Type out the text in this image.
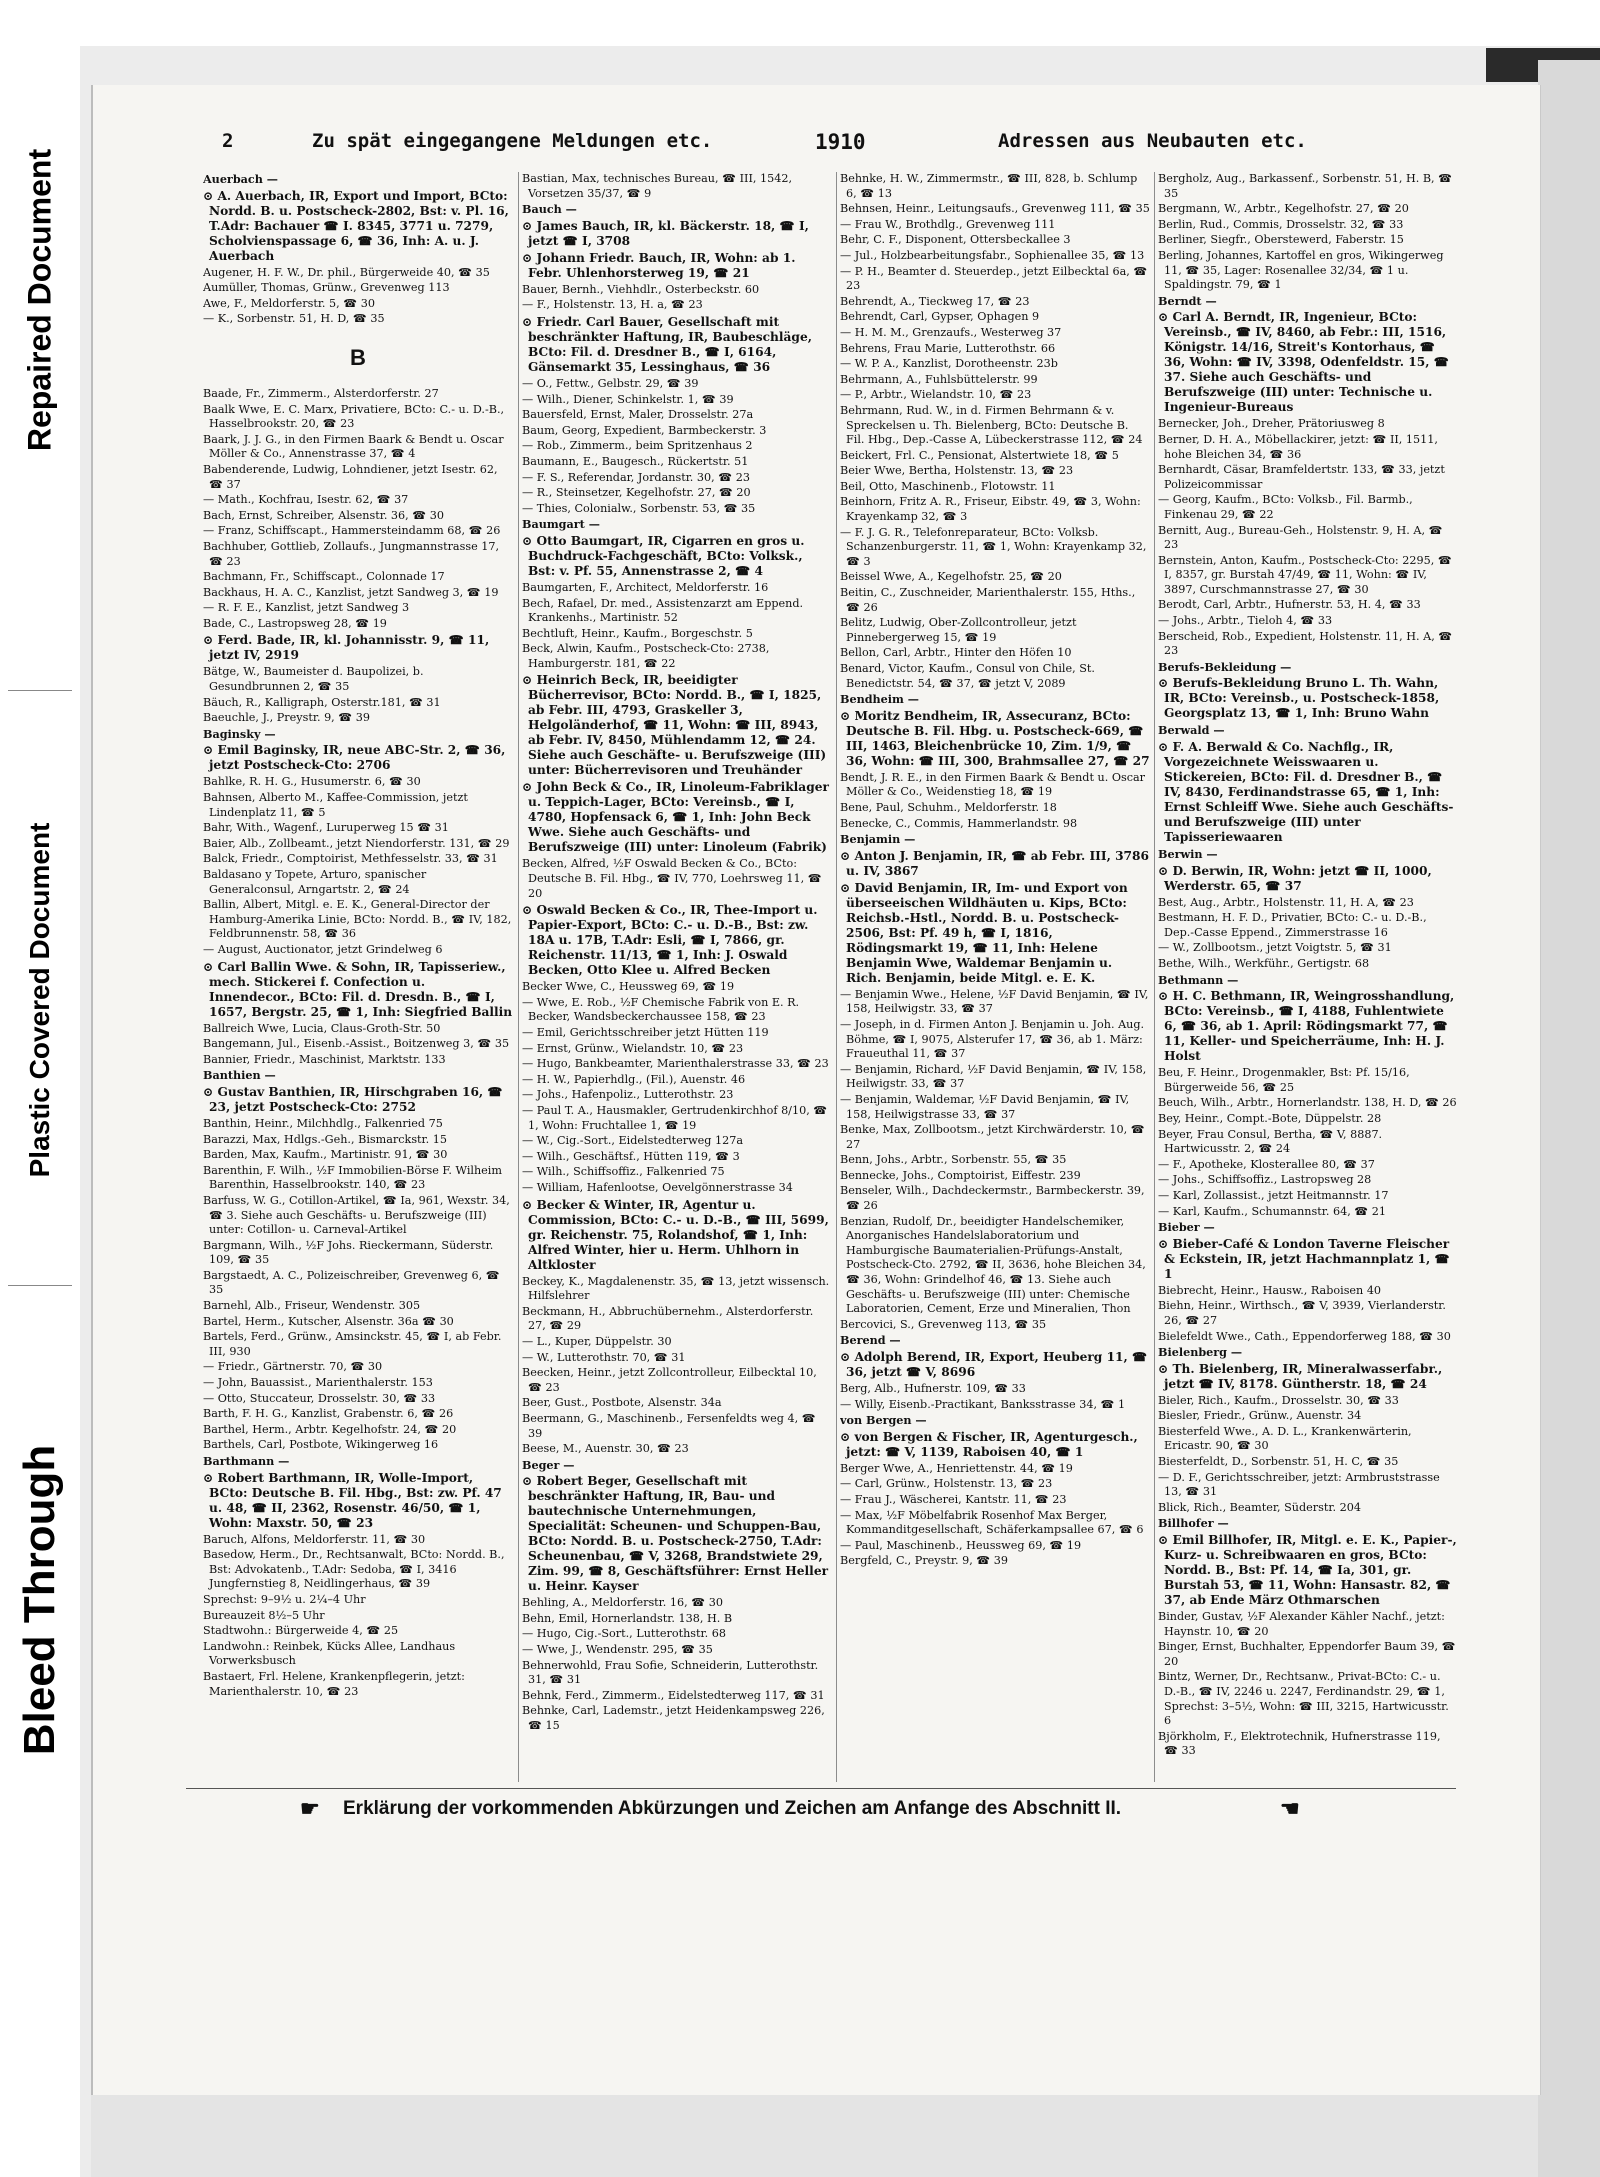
Repaired Document
Plastic Covered Document
Bleed Through
2	Zu spät eingegangene Meldungen etc.	1910	Adressen aus Neubauten etc.
Auerbach —
⊙ A. Auerbach, IR, Export und Import, BCto: Nordd. B. u. Postscheck-2802, Bst: v. Pl. 16, T.Adr: Bachauer ☎ I. 8345, 3771 u. 7279, Scholvienspassage 6, ☎ 36, Inh: A. u. J. Auerbach
Augener, H. F. W., Dr. phil., Bürgerweide 40, ☎ 35
Aumüller, Thomas, Grünw., Grevenweg 113
Awe, F., Meldorferstr. 5, ☎ 30
— K., Sorbenstr. 51, H. D, ☎ 35
B
Baade, Fr., Zimmerm., Alsterdorferstr. 27
Baalk Wwe, E. C. Marx, Privatiere, BCto: C.- u. D.-B., Hasselbrookstr. 20, ☎ 23
Baark, J. J. G., in den Firmen Baark & Bendt u. Oscar Möller & Co., Annenstrasse 37, ☎ 4
Babenderende, Ludwig, Lohndiener, jetzt Isestr. 62, ☎ 37
— Math., Kochfrau, Isestr. 62, ☎ 37
Bach, Ernst, Schreiber, Alsenstr. 36, ☎ 30
— Franz, Schiffscapt., Hammersteindamm 68, ☎ 26
Bachhuber, Gottlieb, Zollaufs., Jungmannstrasse 17, ☎ 23
Bachmann, Fr., Schiffscapt., Colonnade 17
Backhaus, H. A. C., Kanzlist, jetzt Sandweg 3, ☎ 19
— R. F. E., Kanzlist, jetzt Sandweg 3
Bade, C., Lastropsweg 28, ☎ 19
⊙ Ferd. Bade, IR, kl. Johannisstr. 9, ☎ 11, jetzt IV, 2919
Bätge, W., Baumeister d. Baupolizei, b. Gesundbrunnen 2, ☎ 35
Bäuch, R., Kalligraph, Osterstr.181, ☎ 31
Baeuchle, J., Preystr. 9, ☎ 39
Baginsky —
⊙ Emil Baginsky, IR, neue ABC-Str. 2, ☎ 36, jetzt Postscheck-Cto: 2706
Bahlke, R. H. G., Husumerstr. 6, ☎ 30
Bahnsen, Alberto M., Kaffee-Commission, jetzt Lindenplatz 11, ☎ 5
Bahr, With., Wagenf., Luruperweg 15 ☎ 31
Baier, Alb., Zollbeamt., jetzt Niendorferstr. 131, ☎ 29
Balck, Friedr., Comptoirist, Methfesselstr. 33, ☎ 31
Baldasano y Topete, Arturo, spanischer Generalconsul, Arngartstr. 2, ☎ 24
Ballin, Albert, Mitgl. e. E. K., General-Director der Hamburg-Amerika Linie, BCto: Nordd. B., ☎ IV, 182, Feldbrunnenstr. 58, ☎ 36
— August, Auctionator, jetzt Grindelweg 6
⊙ Carl Ballin Wwe. & Sohn, IR, Tapisseriew., mech. Stickerei f. Confection u. Innendecor., BCto: Fil. d. Dresdn. B., ☎ I, 1657, Bergstr. 25, ☎ 1, Inh: Siegfried Ballin
Ballreich Wwe, Lucia, Claus-Groth-Str. 50
Bangemann, Jul., Eisenb.-Assist., Boitzenweg 3, ☎ 35
Bannier, Friedr., Maschinist, Marktstr. 133
Banthien —
⊙ Gustav Banthien, IR, Hirschgraben 16, ☎ 23, jetzt Postscheck-Cto: 2752
Banthin, Heinr., Milchhdlg., Falkenried 75
Barazzi, Max, Hdlgs.-Geh., Bismarckstr. 15
Barden, Max, Kaufm., Martinistr. 91, ☎ 30
Barenthin, F. Wilh., ½F Immobilien-Börse F. Wilheim Barenthin, Hasselbrookstr. 140, ☎ 23
Barfuss, W. G., Cotillon-Artikel, ☎ Ia, 961, Wexstr. 34, ☎ 3. Siehe auch Geschäfts- u. Berufszweige (III) unter: Cotillon- u. Carneval-Artikel
Bargmann, Wilh., ½F Johs. Rieckermann, Süderstr. 109, ☎ 35
Bargstaedt, A. C., Polizeischreiber, Grevenweg 6, ☎ 35
Barnehl, Alb., Friseur, Wendenstr. 305
Bartel, Herm., Kutscher, Alsenstr. 36a ☎ 30
Bartels, Ferd., Grünw., Amsinckstr. 45, ☎ I, ab Febr. III, 930
— Friedr., Gärtnerstr. 70, ☎ 30
— John, Bauassist., Marienthalerstr. 153
— Otto, Stuccateur, Drosselstr. 30, ☎ 33
Barth, F. H. G., Kanzlist, Grabenstr. 6, ☎ 26
Barthel, Herm., Arbtr. Kegelhofstr. 24, ☎ 20
Barthels, Carl, Postbote, Wikingerweg 16
Barthmann —
⊙ Robert Barthmann, IR, Wolle-Import, BCto: Deutsche B. Fil. Hbg., Bst: zw. Pf. 47 u. 48, ☎ II, 2362, Rosenstr. 46/50, ☎ 1, Wohn: Maxstr. 50, ☎ 23
Baruch, Alfons, Meldorferstr. 11, ☎ 30
Basedow, Herm., Dr., Rechtsanwalt, BCto: Nordd. B., Bst: Advokatenb., T.Adr: Sedoba, ☎ I, 3416 Jungfernstieg 8, Neidlingerhaus, ☎ 39
Sprechst: 9–9½ u. 2¼–4 Uhr
Bureauzeit 8½–5 Uhr
Stadtwohn.: Bürgerweide 4, ☎ 25
Landwohn.: Reinbek, Kücks Allee, Landhaus Vorwerksbusch
Bastaert, Frl. Helene, Krankenpflegerin, jetzt: Marienthalerstr. 10, ☎ 23
Bastian, Max, technisches Bureau, ☎ III, 1542, Vorsetzen 35/37, ☎ 9
Bauch —
⊙ James Bauch, IR, kl. Bäckerstr. 18, ☎ I, jetzt ☎ I, 3708
⊙ Johann Friedr. Bauch, IR, Wohn: ab 1. Febr. Uhlenhorsterweg 19, ☎ 21
Bauer, Bernh., Viehhdlr., Osterbeckstr. 60
— F., Holstenstr. 13, H. a, ☎ 23
⊙ Friedr. Carl Bauer, Gesellschaft mit beschränkter Haftung, IR, Baubeschläge, BCto: Fil. d. Dresdner B., ☎ I, 6164, Gänsemarkt 35, Lessinghaus, ☎ 36
— O., Fettw., Gelbstr. 29, ☎ 39
— Wilh., Diener, Schinkelstr. 1, ☎ 39
Bauersfeld, Ernst, Maler, Drosselstr. 27a
Baum, Georg, Expedient, Barmbeckerstr. 3
— Rob., Zimmerm., beim Spritzenhaus 2
Baumann, E., Baugesch., Rückertstr. 51
— F. S., Referendar, Jordanstr. 30, ☎ 23
— R., Steinsetzer, Kegelhofstr. 27, ☎ 20
— Thies, Colonialw., Sorbenstr. 53, ☎ 35
Baumgart —
⊙ Otto Baumgart, IR, Cigarren en gros u. Buchdruck-Fachgeschäft, BCto: Volksk., Bst: v. Pf. 55, Annenstrasse 2, ☎ 4
Baumgarten, F., Architect, Meldorferstr. 16
Bech, Rafael, Dr. med., Assistenzarzt am Eppend. Krankenhs., Martinistr. 52
Bechtluft, Heinr., Kaufm., Borgeschstr. 5
Beck, Alwin, Kaufm., Postscheck-Cto: 2738, Hamburgerstr. 181, ☎ 22
⊙ Heinrich Beck, IR, beeidigter Bücherrevisor, BCto: Nordd. B., ☎ I, 1825, ab Febr. III, 4793, Graskeller 3, Helgoländerhof, ☎ 11, Wohn: ☎ III, 8943, ab Febr. IV, 8450, Mühlendamm 12, ☎ 24. Siehe auch Geschäfte- u. Berufszweige (III) unter: Bücherrevisoren und Treuhänder
⊙ John Beck & Co., IR, Linoleum-Fabriklager u. Teppich-Lager, BCto: Vereinsb., ☎ I, 4780, Hopfensack 6, ☎ 1, Inh: John Beck Wwe. Siehe auch Geschäfts- und Berufszweige (III) unter: Linoleum (Fabrik)
Becken, Alfred, ½F Oswald Becken & Co., BCto: Deutsche B. Fil. Hbg., ☎ IV, 770, Loehrsweg 11, ☎ 20
⊙ Oswald Becken & Co., IR, Thee-Import u. Papier-Export, BCto: C.- u. D.-B., Bst: zw. 18A u. 17B, T.Adr: Esli, ☎ I, 7866, gr. Reichenstr. 11/13, ☎ 1, Inh: J. Oswald Becken, Otto Klee u. Alfred Becken
Becker Wwe, C., Heussweg 69, ☎ 19
— Wwe, E. Rob., ½F Chemische Fabrik von E. R. Becker, Wandsbeckerchaussee 158, ☎ 23
— Emil, Gerichtsschreiber jetzt Hütten 119
— Ernst, Grünw., Wielandstr. 10, ☎ 23
— Hugo, Bankbeamter, Marienthalerstrasse 33, ☎ 23
— H. W., Papierhdlg., (Fil.), Auenstr. 46
— Johs., Hafenpoliz., Lutterothstr. 23
— Paul T. A., Hausmakler, Gertrudenkirchhof 8/10, ☎ 1, Wohn: Fruchtallee 1, ☎ 19
— W., Cig.-Sort., Eidelstedterweg 127a
— Wilh., Geschäftsf., Hütten 119, ☎ 3
— Wilh., Schiffsoffiz., Falkenried 75
— William, Hafenlootse, Oevelgönnerstrasse 34
⊙ Becker & Winter, IR, Agentur u. Commission, BCto: C.- u. D.-B., ☎ III, 5699, gr. Reichenstr. 75, Rolandshof, ☎ 1, Inh: Alfred Winter, hier u. Herm. Uhlhorn in Altkloster
Beckey, K., Magdalenenstr. 35, ☎ 13, jetzt wissensch. Hilfslehrer
Beckmann, H., Abbruchübernehm., Alsterdorferstr. 27, ☎ 29
— L., Kuper, Düppelstr. 30
— W., Lutterothstr. 70, ☎ 31
Beecken, Heinr., jetzt Zollcontrolleur, Eilbecktal 10, ☎ 23
Beer, Gust., Postbote, Alsenstr. 34a
Beermann, G., Maschinenb., Fersenfeldts weg 4, ☎ 39
Beese, M., Auenstr. 30, ☎ 23
Beger —
⊙ Robert Beger, Gesellschaft mit beschränkter Haftung, IR, Bau- und bautechnische Unternehmungen, Specialität: Scheunen- und Schuppen-Bau, BCto: Nordd. B. u. Postscheck-2750, T.Adr: Scheunenbau, ☎ V, 3268, Brandstwiete 29, Zim. 99, ☎ 8, Geschäftsführer: Ernst Heller u. Heinr. Kayser
Behling, A., Meldorferstr. 16, ☎ 30
Behn, Emil, Hornerlandstr. 138, H. B
— Hugo, Cig.-Sort., Lutterothstr. 68
— Wwe, J., Wendenstr. 295, ☎ 35
Behnerwohld, Frau Sofie, Schneiderin, Lutterothstr. 31, ☎ 31
Behnk, Ferd., Zimmerm., Eidelstedterweg 117, ☎ 31
Behnke, Carl, Lademstr., jetzt Heidenkampsweg 226, ☎ 15
Behnke, H. W., Zimmermstr., ☎ III, 828, b. Schlump 6, ☎ 13
Behnsen, Heinr., Leitungsaufs., Grevenweg 111, ☎ 35
— Frau W., Brothdlg., Grevenweg 111
Behr, C. F., Disponent, Ottersbeckallee 3
— Jul., Holzbearbeitungsfabr., Sophienallee 35, ☎ 13
— P. H., Beamter d. Steuerdep., jetzt Eilbecktal 6a, ☎ 23
Behrendt, A., Tieckweg 17, ☎ 23
Behrendt, Carl, Gypser, Ophagen 9
— H. M. M., Grenzaufs., Westerweg 37
Behrens, Frau Marie, Lutterothstr. 66
— W. P. A., Kanzlist, Dorotheenstr. 23b
Behrmann, A., Fuhlsbüttelerstr. 99
— P., Arbtr., Wielandstr. 10, ☎ 23
Behrmann, Rud. W., in d. Firmen Behrmann & v. Spreckelsen u. Th. Bielenberg, BCto: Deutsche B. Fil. Hbg., Dep.-Casse A, Lübeckerstrasse 112, ☎ 24
Beickert, Frl. C., Pensionat, Alstertwiete 18, ☎ 5
Beier Wwe, Bertha, Holstenstr. 13, ☎ 23
Beil, Otto, Maschinenb., Flotowstr. 11
Beinhorn, Fritz A. R., Friseur, Eibstr. 49, ☎ 3, Wohn: Krayenkamp 32, ☎ 3
— F. J. G. R., Telefonreparateur, BCto: Volksb. Schanzenburgerstr. 11, ☎ 1, Wohn: Krayenkamp 32, ☎ 3
Beissel Wwe, A., Kegelhofstr. 25, ☎ 20
Beitin, C., Zuschneider, Marienthalerstr. 155, Hths., ☎ 26
Belitz, Ludwig, Ober-Zollcontrolleur, jetzt Pinnebergerweg 15, ☎ 19
Bellon, Carl, Arbtr., Hinter den Höfen 10
Benard, Victor, Kaufm., Consul von Chile, St. Benedictstr. 54, ☎ 37, ☎ jetzt V, 2089
Bendheim —
⊙ Moritz Bendheim, IR, Assecuranz, BCto: Deutsche B. Fil. Hbg. u. Postscheck-669, ☎ III, 1463, Bleichenbrücke 10, Zim. 1/9, ☎ 36, Wohn: ☎ III, 300, Brahmsallee 27, ☎ 27
Bendt, J. R. E., in den Firmen Baark & Bendt u. Oscar Möller & Co., Weidenstieg 18, ☎ 19
Bene, Paul, Schuhm., Meldorferstr. 18
Benecke, C., Commis, Hammerlandstr. 98
Benjamin —
⊙ Anton J. Benjamin, IR, ☎ ab Febr. III, 3786 u. IV, 3867
⊙ David Benjamin, IR, Im- und Export von überseeischen Wildhäuten u. Kips, BCto: Reichsb.-Hstl., Nordd. B. u. Postscheck- 2506, Bst: Pf. 49 h, ☎ I, 1816, Rödingsmarkt 19, ☎ 11, Inh: Helene Benjamin Wwe, Waldemar Benjamin u. Rich. Benjamin, beide Mitgl. e. E. K.
— Benjamin Wwe., Helene, ½F David Benjamin, ☎ IV, 158, Heilwigstr. 33, ☎ 37
— Joseph, in d. Firmen Anton J. Benjamin u. Joh. Aug. Böhme, ☎ I, 9075, Alsterufer 17, ☎ 36, ab 1. März: Fraueuthal 11, ☎ 37
— Benjamin, Richard, ½F David Benjamin, ☎ IV, 158, Heilwigstr. 33, ☎ 37
— Benjamin, Waldemar, ½F David Benjamin, ☎ IV, 158, Heilwigstrasse 33, ☎ 37
Benke, Max, Zollbootsm., jetzt Kirchwärderstr. 10, ☎ 27
Benn, Johs., Arbtr., Sorbenstr. 55, ☎ 35
Bennecke, Johs., Comptoirist, Eiffestr. 239
Benseler, Wilh., Dachdeckermstr., Barmbeckerstr. 39, ☎ 26
Benzian, Rudolf, Dr., beeidigter Handelschemiker, Anorganisches Handelslaboratorium und Hamburgische Baumaterialien-Prüfungs-Anstalt, Postscheck-Cto. 2792, ☎ II, 3636, hohe Bleichen 34, ☎ 36, Wohn: Grindelhof 46, ☎ 13. Siehe auch Geschäfts- u. Berufszweige (III) unter: Chemische Laboratorien, Cement, Erze und Mineralien, Thon
Bercovici, S., Grevenweg 113, ☎ 35
Berend —
⊙ Adolph Berend, IR, Export, Heuberg 11, ☎ 36, jetzt ☎ V, 8696
Berg, Alb., Hufnerstr. 109, ☎ 33
— Willy, Eisenb.-Practikant, Banksstrasse 34, ☎ 1
von Bergen —
⊙ von Bergen & Fischer, IR, Agenturgesch., jetzt: ☎ V, 1139, Raboisen 40, ☎ 1
Berger Wwe, A., Henriettenstr. 44, ☎ 19
— Carl, Grünw., Holstenstr. 13, ☎ 23
— Frau J., Wäscherei, Kantstr. 11, ☎ 23
— Max, ½F Möbelfabrik Rosenhof Max Berger, Kommanditgesellschaft, Schäferkampsallee 67, ☎ 6
— Paul, Maschinenb., Heussweg 69, ☎ 19
Bergfeld, C., Preystr. 9, ☎ 39
Bergholz, Aug., Barkassenf., Sorbenstr. 51, H. B, ☎ 35
Bergmann, W., Arbtr., Kegelhofstr. 27, ☎ 20
Berlin, Rud., Commis, Drosselstr. 32, ☎ 33
Berliner, Siegfr., Oberstewerd, Faberstr. 15
Berling, Johannes, Kartoffel en gros, Wikingerweg 11, ☎ 35, Lager: Rosenallee 32/34, ☎ 1 u. Spaldingstr. 79, ☎ 1
Berndt —
⊙ Carl A. Berndt, IR, Ingenieur, BCto: Vereinsb., ☎ IV, 8460, ab Febr.: III, 1516, Königstr. 14/16, Streit's Kontorhaus, ☎ 36, Wohn: ☎ IV, 3398, Odenfeldstr. 15, ☎ 37. Siehe auch Geschäfts- und Berufszweige (III) unter: Technische u. Ingenieur-Bureaus
Bernecker, Joh., Dreher, Prätoriusweg 8
Berner, D. H. A., Möbellackirer, jetzt: ☎ II, 1511, hohe Bleichen 34, ☎ 36
Bernhardt, Cäsar, Bramfeldertstr. 133, ☎ 33, jetzt Polizeicommissar
— Georg, Kaufm., BCto: Volksb., Fil. Barmb., Finkenau 29, ☎ 22
Bernitt, Aug., Bureau-Geh., Holstenstr. 9, H. A, ☎ 23
Bernstein, Anton, Kaufm., Postscheck-Cto: 2295, ☎ I, 8357, gr. Burstah 47/49, ☎ 11, Wohn: ☎ IV, 3897, Curschmannstrasse 27, ☎ 30
Berodt, Carl, Arbtr., Hufnerstr. 53, H. 4, ☎ 33
— Johs., Arbtr., Tieloh 4, ☎ 33
Berscheid, Rob., Expedient, Holstenstr. 11, H. A, ☎ 23
Berufs-Bekleidung —
⊙ Berufs-Bekleidung Bruno L. Th. Wahn, IR, BCto: Vereinsb., u. Postscheck-1858, Georgsplatz 13, ☎ 1, Inh: Bruno Wahn
Berwald —
⊙ F. A. Berwald & Co. Nachflg., IR, Vorgezeichnete Weisswaaren u. Stickereien, BCto: Fil. d. Dresdner B., ☎ IV, 8430, Ferdinandstrasse 65, ☎ 1, Inh: Ernst Schleiff Wwe. Siehe auch Geschäfts- und Berufszweige (III) unter Tapisseriewaaren
Berwin —
⊙ D. Berwin, IR, Wohn: jetzt ☎ II, 1000, Werderstr. 65, ☎ 37
Best, Aug., Arbtr., Holstenstr. 11, H. A, ☎ 23
Bestmann, H. F. D., Privatier, BCto: C.- u. D.-B., Dep.-Casse Eppend., Zimmerstrasse 16
— W., Zollbootsm., jetzt Voigtstr. 5, ☎ 31
Bethe, Wilh., Werkführ., Gertigstr. 68
Bethmann —
⊙ H. C. Bethmann, IR, Weingrosshandlung, BCto: Vereinsb., ☎ I, 4188, Fuhlentwiete 6, ☎ 36, ab 1. April: Rödingsmarkt 77, ☎ 11, Keller- und Speicherräume, Inh: H. J. Holst
Beu, F. Heinr., Drogenmakler, Bst: Pf. 15/16, Bürgerweide 56, ☎ 25
Beuch, Wilh., Arbtr., Hornerlandstr. 138, H. D, ☎ 26
Bey, Heinr., Compt.-Bote, Düppelstr. 28
Beyer, Frau Consul, Bertha, ☎ V, 8887. Hartwicusstr. 2, ☎ 24
— F., Apotheke, Klosterallee 80, ☎ 37
— Johs., Schiffsoffiz., Lastropsweg 28
— Karl, Zollassist., jetzt Heitmannstr. 17
— Karl, Kaufm., Schumannstr. 64, ☎ 21
Bieber —
⊙ Bieber-Café & London Taverne Fleischer & Eckstein, IR, jetzt Hachmannplatz 1, ☎ 1
Biebrecht, Heinr., Hausw., Raboisen 40
Biehn, Heinr., Wirthsch., ☎ V, 3939, Vierlanderstr. 26, ☎ 27
Bielefeldt Wwe., Cath., Eppendorferweg 188, ☎ 30
Bielenberg —
⊙ Th. Bielenberg, IR, Mineralwasserfabr., jetzt ☎ IV, 8178. Güntherstr. 18, ☎ 24
Bieler, Rich., Kaufm., Drosselstr. 30, ☎ 33
Biesler, Friedr., Grünw., Auenstr. 34
Biesterfeld Wwe., A. D. L., Krankenwärterin, Ericastr. 90, ☎ 30
Biesterfeldt, D., Sorbenstr. 51, H. C, ☎ 35
— D. F., Gerichtsschreiber, jetzt: Armbruststrasse 13, ☎ 31
Blick, Rich., Beamter, Süderstr. 204
Billhofer —
⊙ Emil Billhofer, IR, Mitgl. e. E. K., Papier-, Kurz- u. Schreibwaaren en gros, BCto: Nordd. B., Bst: Pf. 14, ☎ Ia, 301, gr. Burstah 53, ☎ 11, Wohn: Hansastr. 82, ☎ 37, ab Ende März Othmarschen
Binder, Gustav, ½F Alexander Kähler Nachf., jetzt: Haynstr. 10, ☎ 20
Binger, Ernst, Buchhalter, Eppendorfer Baum 39, ☎ 20
Bintz, Werner, Dr., Rechtsanw., Privat-BCto: C.- u. D.-B., ☎ IV, 2246 u. 2247, Ferdinandstr. 29, ☎ 1, Sprechst: 3–5½, Wohn: ☎ III, 3215, Hartwicusstr. 6
Björkholm, F., Elektrotechnik, Hufnerstrasse 119, ☎ 33
☛ Erklärung der vorkommenden Abkürzungen und Zeichen am Anfange des Abschnitt II.	☚
